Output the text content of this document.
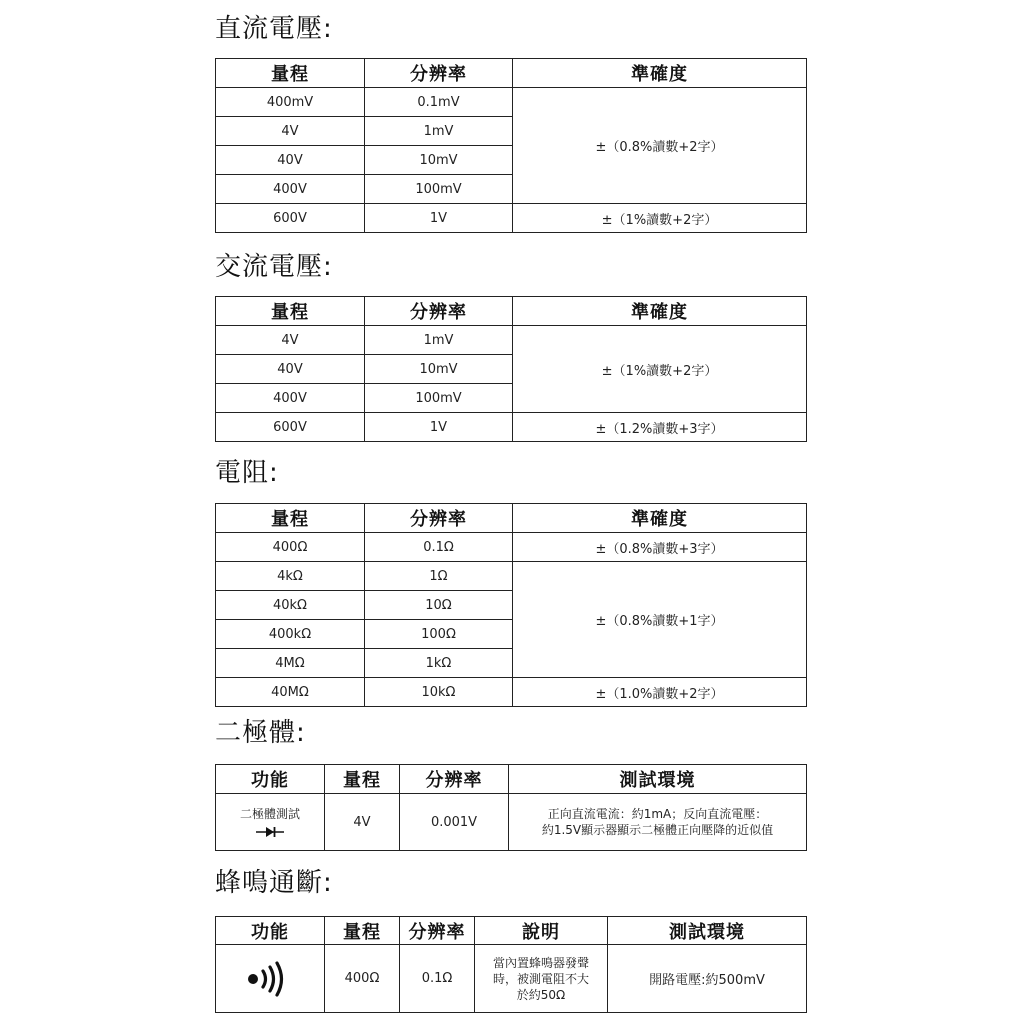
直流電壓:
量程	分辨率	準確度
400mV	0.1mV	±（0.8%讀數+2字）
4V	1mV	
40V	10mV	
400V	100mV	
600V	1V	±（1%讀數+2字）
交流電壓:
量程	分辨率	準確度
4V	1mV	±（1%讀數+2字）
40V	10mV	
400V	100mV	
600V	1V	±（1.2%讀數+3字）
電阻:
量程	分辨率	準確度
400Ω	0.1Ω	±（0.8%讀數+3字）
4kΩ	1Ω	±（0.8%讀數+1字）
40kΩ	10Ω	
400kΩ	100Ω	
4MΩ	1kΩ	
40MΩ	10kΩ	±（1.0%讀數+2字）
二極體:
功能	量程	分辨率	測試環境
二極體測試	4V	0.001V	正向直流電流：約1mA；反向直流電壓：
約1.5V顯示器顯示二極體正向壓降的近似值
蜂鳴通斷:
功能	量程	分辨率	說明	測試環境

	400Ω	0.1Ω	當內置蜂鳴器發聲
時，被測電阻不大
於約50Ω	開路電壓:約500mV
